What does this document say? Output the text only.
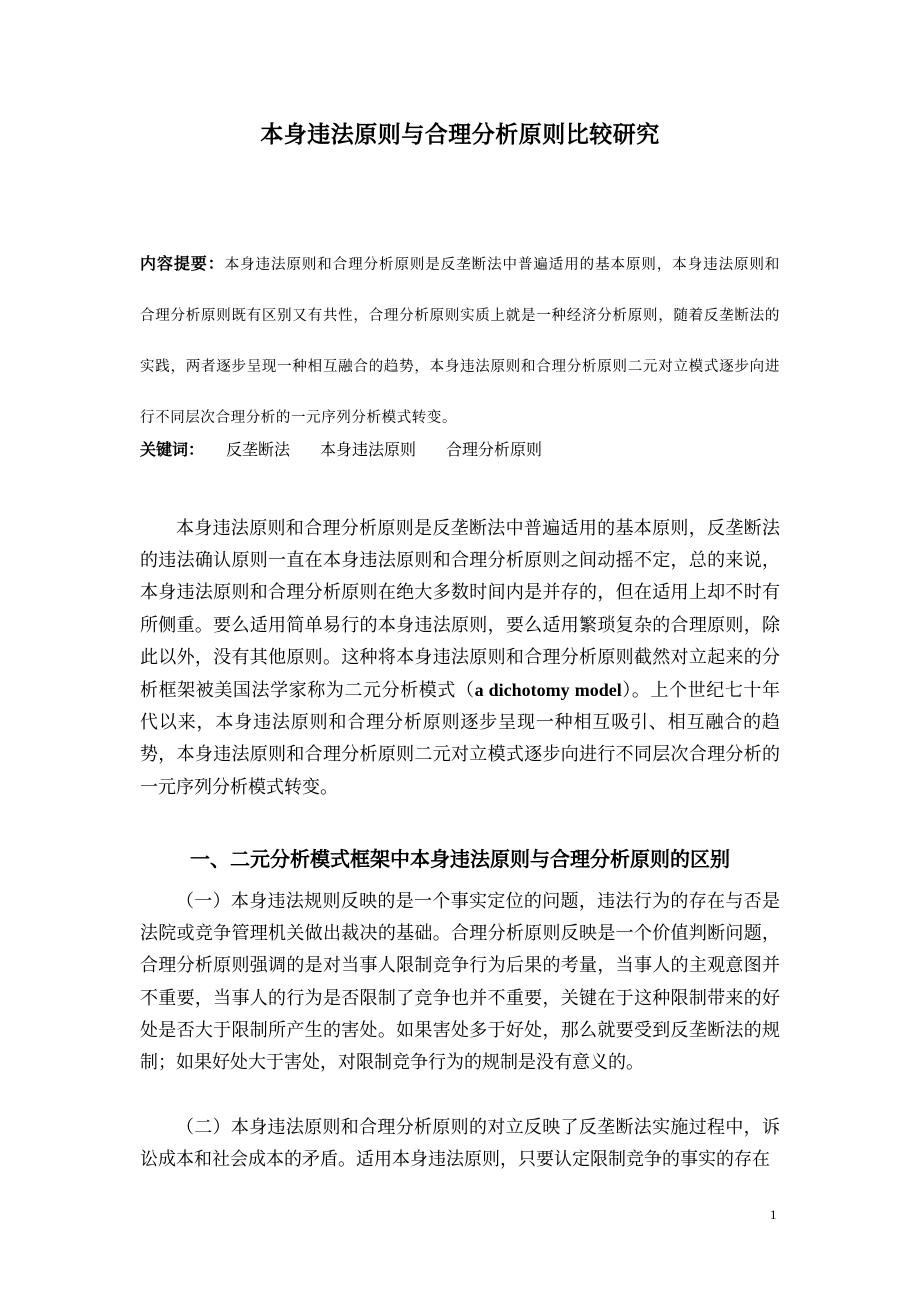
本身违法原则与合理分析原则比较研究
内容提要：本身违法原则和合理分析原则是反垄断法中普遍适用的基本原则，本身违法原则和合理分析原则既有区别又有共性，合理分析原则实质上就是一种经济分析原则，随着反垄断法的实践，两者逐步呈现一种相互融合的趋势，本身违法原则和合理分析原则二元对立模式逐步向进行不同层次合理分析的一元序列分析模式转变。
关键词： 反垄断法 本身违法原则 合理分析原则

本身违法原则和合理分析原则是反垄断法中普遍适用的基本原则，反垄断法的违法确认原则一直在本身违法原则和合理分析原则之间动摇不定，总的来说，本身违法原则和合理分析原则在绝大多数时间内是并存的，但在适用上却不时有所侧重。要么适用简单易行的本身违法原则，要么适用繁琐复杂的合理原则，除此以外，没有其他原则。这种将本身违法原则和合理分析原则截然对立起来的分析框架被美国法学家称为二元分析模式（a dichotomy model）。上个世纪七十年代以来，本身违法原则和合理分析原则逐步呈现一种相互吸引、相互融合的趋势，本身违法原则和合理分析原则二元对立模式逐步向进行不同层次合理分析的一元序列分析模式转变。

一、二元分析模式框架中本身违法原则与合理分析原则的区别

（一）本身违法规则反映的是一个事实定位的问题，违法行为的存在与否是法院或竞争管理机关做出裁决的基础。合理分析原则反映是一个价值判断问题，合理分析原则强调的是对当事人限制竞争行为后果的考量，当事人的主观意图并不重要，当事人的行为是否限制了竞争也并不重要，关键在于这种限制带来的好处是否大于限制所产生的害处。如果害处多于好处，那么就要受到反垄断法的规制；如果好处大于害处，对限制竞争行为的规制是没有意义的。

（二）本身违法原则和合理分析原则的对立反映了反垄断法实施过程中，诉讼成本和社会成本的矛盾。适用本身违法原则，只要认定限制竞争的事实的存在

1
